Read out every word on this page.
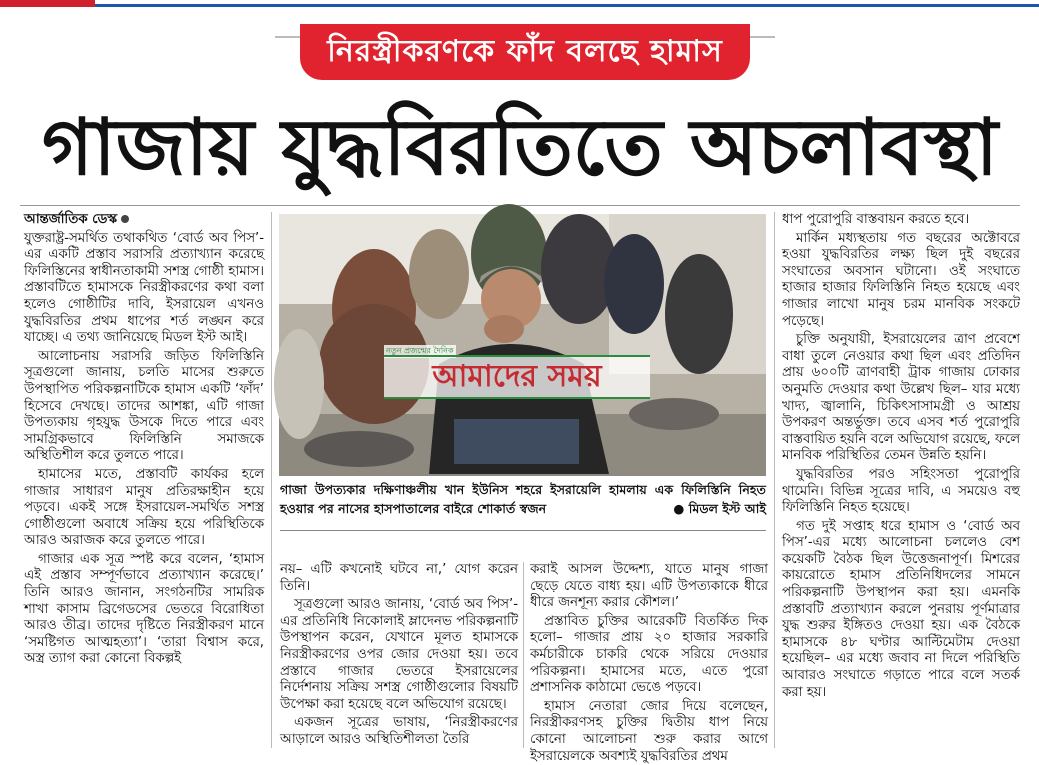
নিরস্ত্রীকরণকে ফাঁদ বলছে হামাস
গাজায় যুদ্ধবিরতিতে অচলাবস্থা

আন্তর্জাতিক ডেস্ক

যুক্তরাষ্ট্র-সমর্থিত তথাকথিত ‘বোর্ড অব পিস’-এর একটি প্রস্তাব সরাসরি প্রত্যাখ্যান করেছে ফিলিস্তিনের স্বাধীনতাকামী সশস্ত্র গোষ্ঠী হামাস। প্রস্তাবটিতে হামাসকে নিরস্ত্রীকরণের কথা বলা হলেও গোষ্ঠীটির দাবি, ইসরায়েল এখনও যুদ্ধবিরতির প্রথম ধাপের শর্ত লঙ্ঘন করে যাচ্ছে। এ তথ্য জানিয়েছে মিডল ইস্ট আই।

আলোচনায় সরাসরি জড়িত ফিলিস্তিনি সূত্রগুলো জানায়, চলতি মাসের শুরুতে উপস্থাপিত পরিকল্পনাটিকে হামাস একটি ‘ফাঁদ’ হিসেবে দেখছে। তাদের আশঙ্কা, এটি গাজা উপত্যকায় গৃহযুদ্ধ উসকে দিতে পারে এবং সামগ্রিকভাবে ফিলিস্তিনি সমাজকে অস্থিতিশীল করে তুলতে পারে।

হামাসের মতে, প্রস্তাবটি কার্যকর হলে গাজার সাধারণ মানুষ প্রতিরক্ষাহীন হয়ে পড়বে। একই সঙ্গে ইসরায়েল-সমর্থিত সশস্ত্র গোষ্ঠীগুলো অবাধে সক্রিয় হয়ে পরিস্থিতিকে আরও অরাজক করে তুলতে পারে।

গাজার এক সূত্র স্পষ্ট করে বলেন, ‘হামাস এই প্রস্তাব সম্পূর্ণভাবে প্রত্যাখ্যান করেছে।’ তিনি আরও জানান, সংগঠনটির সামরিক শাখা কাসাম ব্রিগেডসের ভেতরে বিরোধিতা আরও তীব্র। তাদের দৃষ্টিতে নিরস্ত্রীকরণ মানে ‘সমষ্টিগত আত্মহত্যা’। ‘তারা বিশ্বাস করে, অস্ত্র ত্যাগ করা কোনো বিকল্পই

নতুন প্রজন্মের দৈনিক
আমাদের সময়
গাজা উপত্যকার দক্ষিণাঞ্চলীয় খান ইউনিস শহরে ইসরায়েলি হামলায় এক ফিলিস্তিনি নিহত হওয়ার পর নাসের হাসপাতালের বাইরে শোকার্ত স্বজন	● মিডল ইস্ট আই

নয়– এটি কখনোই ঘটবে না,’ যোগ করেন তিনি।

সূত্রগুলো আরও জানায়, ‘বোর্ড অব পিস’-এর প্রতিনিধি নিকোলাই ম্লাদেনভ পরিকল্পনাটি উপস্থাপন করেন, যেখানে মূলত হামাসকে নিরস্ত্রীকরণের ওপর জোর দেওয়া হয়। তবে প্রস্তাবে গাজার ভেতরে ইসরায়েলের নির্দেশনায় সক্রিয় সশস্ত্র গোষ্ঠীগুলোর বিষয়টি উপেক্ষা করা হয়েছে বলে অভিযোগ রয়েছে।

একজন সূত্রের ভাষায়, ‘নিরস্ত্রীকরণের আড়ালে আরও অস্থিতিশীলতা তৈরি

করাই আসল উদ্দেশ্য, যাতে মানুষ গাজা ছেড়ে যেতে বাধ্য হয়। এটি উপত্যকাকে ধীরে ধীরে জনশূন্য করার কৌশল।’

প্রস্তাবিত চুক্তির আরেকটি বিতর্কিত দিক হলো– গাজার প্রায় ২০ হাজার সরকারি কর্মচারীকে চাকরি থেকে সরিয়ে দেওয়ার পরিকল্পনা। হামাসের মতে, এতে পুরো প্রশাসনিক কাঠামো ভেঙে পড়বে।

হামাস নেতারা জোর দিয়ে বলেছেন, নিরস্ত্রীকরণসহ চুক্তির দ্বিতীয় ধাপ নিয়ে কোনো আলোচনা শুরু করার আগে ইসরায়েলকে অবশ্যই যুদ্ধবিরতির প্রথম

ধাপ পুরোপুরি বাস্তবায়ন করতে হবে।

মার্কিন মধ্যস্থতায় গত বছরের অক্টোবরে হওয়া যুদ্ধবিরতির লক্ষ্য ছিল দুই বছরের সংঘাতের অবসান ঘটানো। ওই সংঘাতে হাজার হাজার ফিলিস্তিনি নিহত হয়েছে এবং গাজার লাখো মানুষ চরম মানবিক সংকটে পড়েছে।

চুক্তি অনুযায়ী, ইসরায়েলের ত্রাণ প্রবেশে বাধা তুলে নেওয়ার কথা ছিল এবং প্রতিদিন প্রায় ৬০০টি ত্রাণবাহী ট্রাক গাজায় ঢোকার অনুমতি দেওয়ার কথা উল্লেখ ছিল– যার মধ্যে খাদ্য, জ্বালানি, চিকিৎসাসামগ্রী ও আশ্রয় উপকরণ অন্তর্ভুক্ত। তবে এসব শর্ত পুরোপুরি বাস্তবায়িত হয়নি বলে অভিযোগ রয়েছে, ফলে মানবিক পরিস্থিতির তেমন উন্নতি হয়নি।

যুদ্ধবিরতির পরও সহিংসতা পুরোপুরি থামেনি। বিভিন্ন সূত্রের দাবি, এ সময়েও বহু ফিলিস্তিনি নিহত হয়েছে।

গত দুই সপ্তাহ ধরে হামাস ও ‘বোর্ড অব পিস’-এর মধ্যে আলোচনা চললেও বেশ কয়েকটি বৈঠক ছিল উত্তেজনাপূর্ণ। মিশরের কায়রোতে হামাস প্রতিনিধিদলের সামনে পরিকল্পনাটি উপস্থাপন করা হয়। এমনকি প্রস্তাবটি প্রত্যাখ্যান করলে পুনরায় পূর্ণমাত্রার যুদ্ধ শুরুর ইঙ্গিতও দেওয়া হয়। এক বৈঠকে হামাসকে ৪৮ ঘণ্টার আল্টিমেটাম দেওয়া হয়েছিল– এর মধ্যে জবাব না দিলে পরিস্থিতি আবারও সংঘাতে গড়াতে পারে বলে সতর্ক করা হয়।
